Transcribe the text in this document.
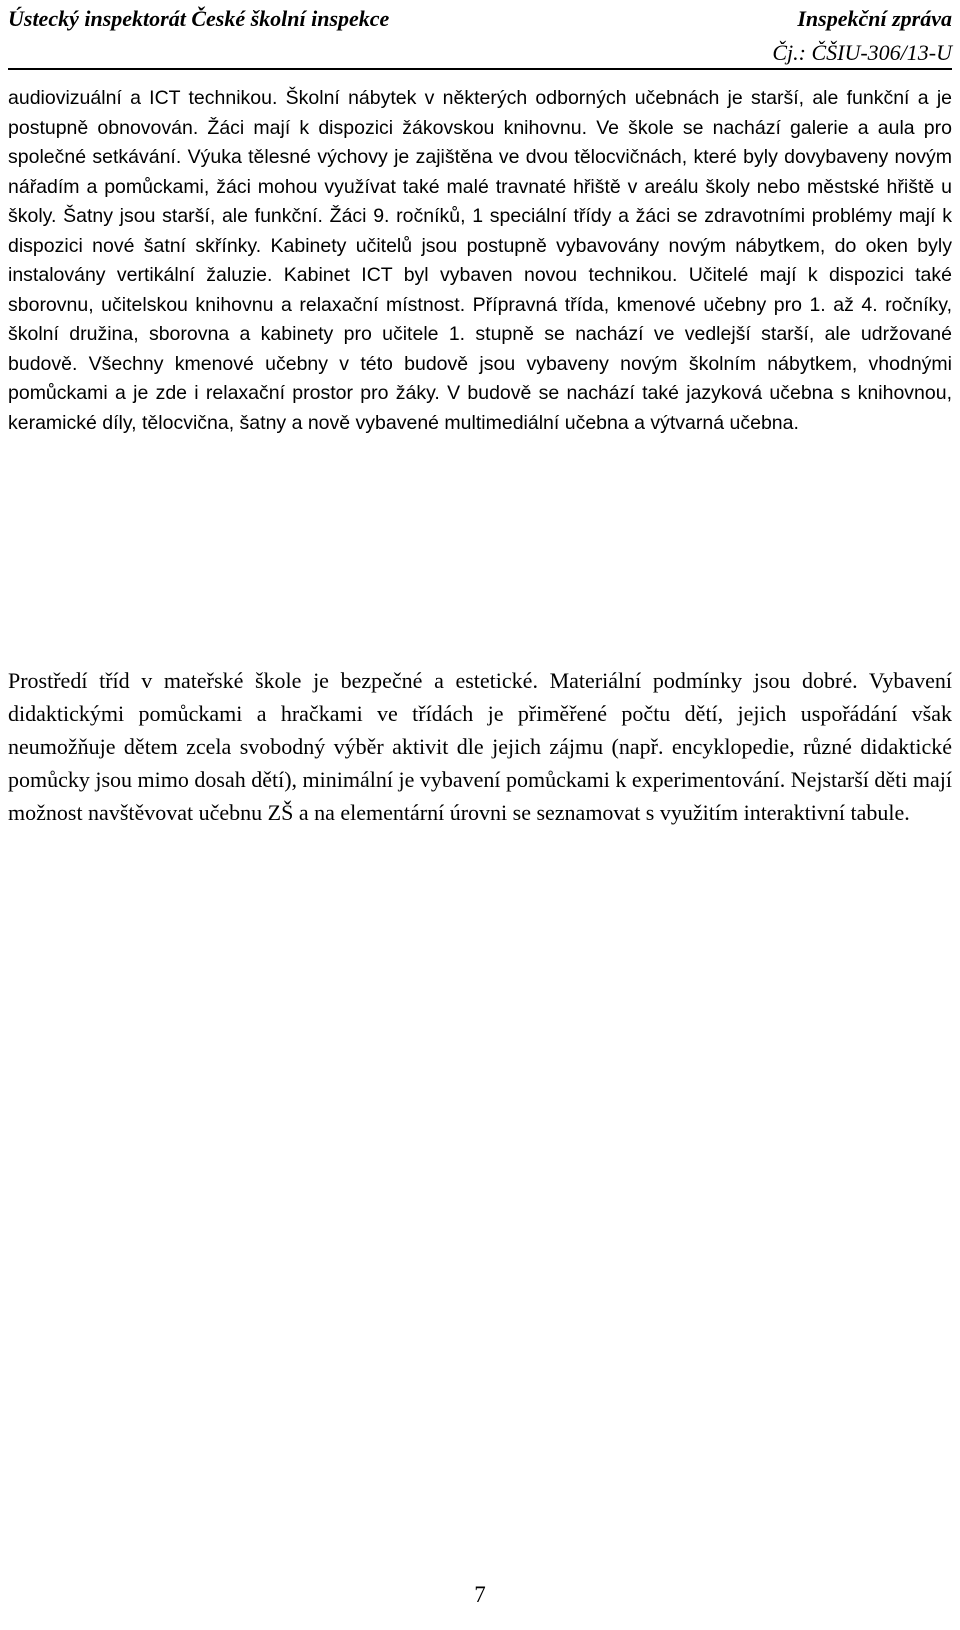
Ústecký inspektorát České školní inspekce	Inspekční zpráva
Čj.: ČŠIU-306/13-U

audiovizuální a ICT technikou. Školní nábytek v některých odborných učebnách je starší, ale funkční a je postupně obnovován. Žáci mají k dispozici žákovskou knihovnu. Ve škole se nachází galerie a aula pro společné setkávání. Výuka tělesné výchovy je zajištěna ve dvou tělocvičnách, které byly dovybaveny novým nářadím a pomůckami, žáci mohou využívat také malé travnaté hřiště v areálu školy nebo městské hřiště u školy. Šatny jsou starší, ale funkční. Žáci 9. ročníků, 1 speciální třídy a žáci se zdravotními problémy mají k dispozici nové šatní skřínky. Kabinety učitelů jsou postupně vybavovány novým nábytkem, do oken byly instalovány vertikální žaluzie. Kabinet ICT byl vybaven novou technikou. Učitelé mají k dispozici také sborovnu, učitelskou knihovnu a relaxační místnost. Přípravná třída, kmenové učebny pro 1. až 4. ročníky, školní družina, sborovna a kabinety pro učitele 1. stupně se nachází ve vedlejší starší, ale udržované budově. Všechny kmenové učebny v této budově jsou vybaveny novým školním nábytkem, vhodnými pomůckami a je zde i relaxační prostor pro žáky. V budově se nachází také jazyková učebna s knihovnou, keramické díly, tělocvična, šatny a nově vybavené multimediální učebna a výtvarná učebna.

Prostředí tříd v mateřské škole je bezpečné a estetické. Materiální podmínky jsou dobré. Vybavení didaktickými pomůckami a hračkami ve třídách je přiměřené počtu dětí, jejich uspořádání však neumožňuje dětem zcela svobodný výběr aktivit dle jejich zájmu (např. encyklopedie, různé didaktické pomůcky jsou mimo dosah dětí), minimální je vybavení pomůckami k experimentování. Nejstarší děti mají možnost navštěvovat učebnu ZŠ a na elementární úrovni se seznamovat s využitím interaktivní tabule.

7
